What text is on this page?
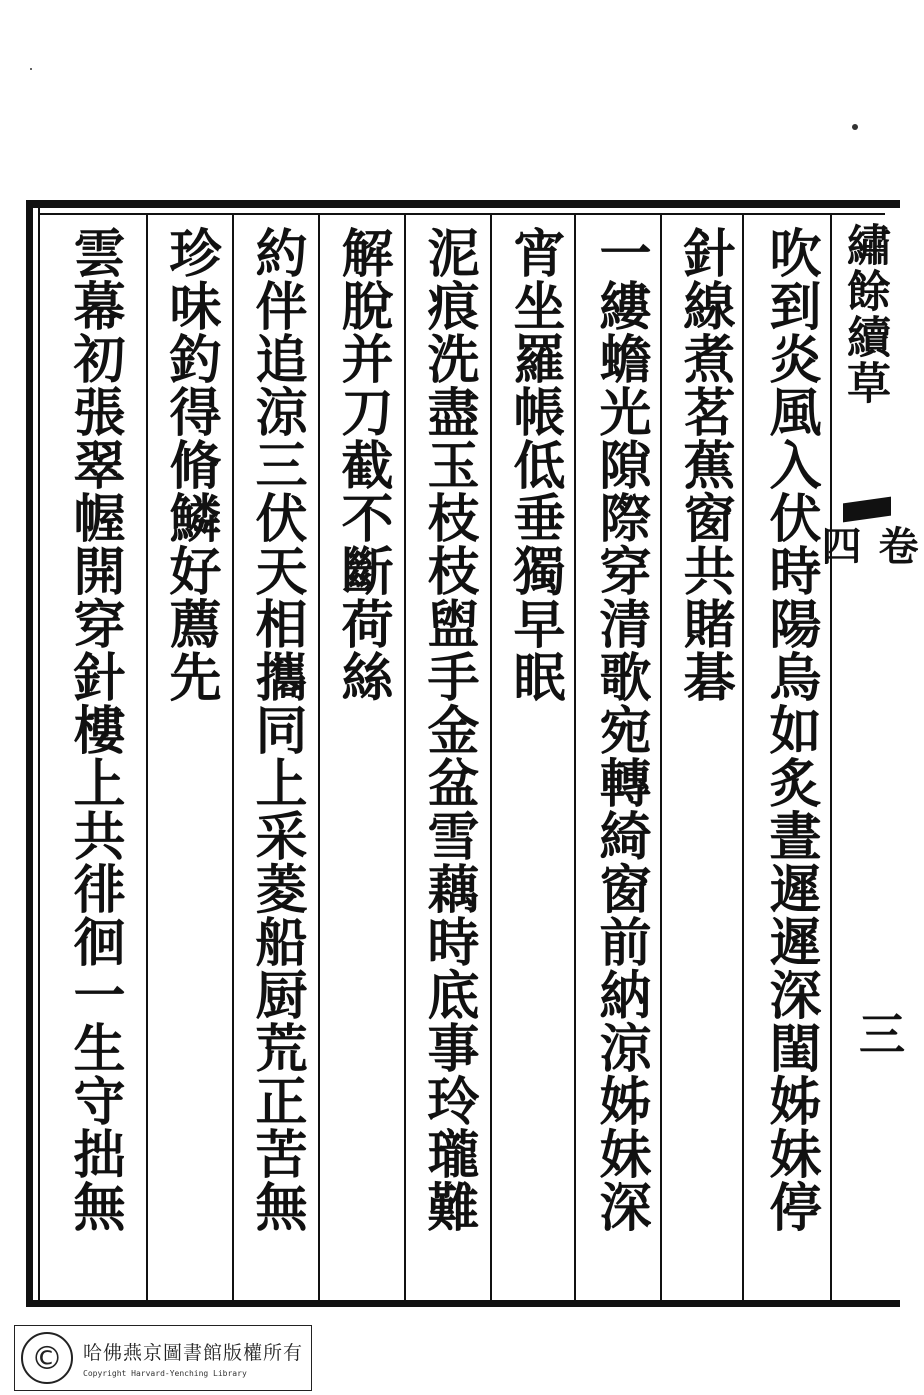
繡餘續草
卷四
三
吹到炎風入伏時陽烏如炙晝遲遲深閨姊妹停
針線煮茗蕉窗共賭碁
一縷蟾光隙際穿清歌宛轉綺窗前納涼姊妹深
宵坐羅帳低垂獨早眠
泥痕洗盡玉枝枝盥手金盆雪藕時底事玲瓏難
解脫并刀截不斷荷絲
約伴追涼三伏天相攜同上采菱船厨荒正苦無
珍味釣得脩鱗好薦先
雲幕初張翠幄開穿針樓上共徘徊一生守拙無
©	哈佛燕京圖書館版權所有
Copyright Harvard-Yenching Library
